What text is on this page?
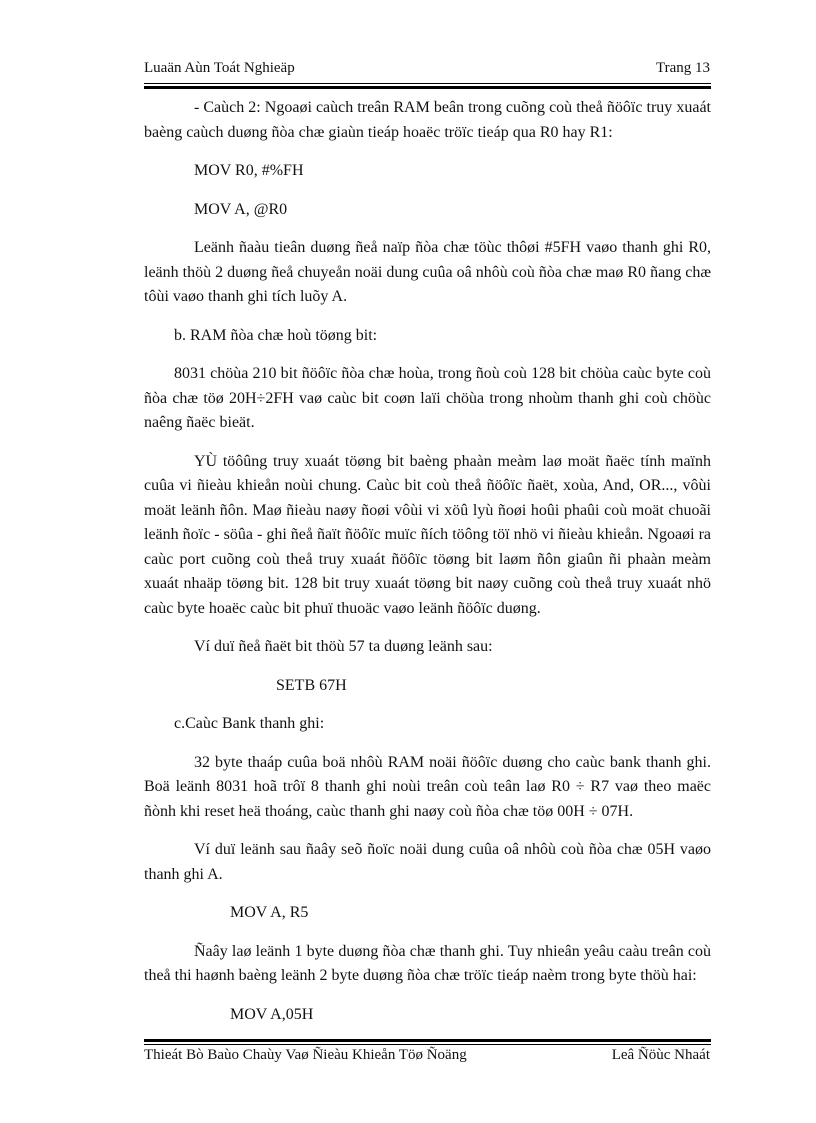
Luaän Aùn Toát Nghieäp	Trang 13

- Caùch 2: Ngoaøi caùch treân RAM beân trong cuõng coù theå ñöôïc truy xuaát baèng caùch duøng ñòa chæ giaùn tieáp hoaëc tröïc tieáp qua R0 hay R1:

MOV R0, #%FH

MOV A, @R0

Leänh ñaàu tieân duøng ñeå naïp ñòa chæ töùc thôøi #5FH vaøo thanh ghi R0, leänh thöù 2 duøng ñeå chuyeån noäi dung cuûa oâ nhôù coù ñòa chæ maø R0 ñang chæ tôùi vaøo thanh ghi tích luõy A.

b. RAM ñòa chæ hoù töøng bit:

8031 chöùa 210 bit ñöôïc ñòa chæ hoùa, trong ñoù coù 128 bit chöùa caùc byte coù ñòa chæ töø 20H÷2FH vaø caùc bit coøn laïi chöùa trong nhoùm thanh ghi coù chöùc naêng ñaëc bieät.

YÙ töôûng truy xuaát töøng bit baèng phaàn meàm laø moät ñaëc tính maïnh cuûa vi ñieàu khieån noùi chung. Caùc bit coù theå ñöôïc ñaët, xoùa, And, OR..., vôùi moät leänh ñôn. Maø ñieàu naøy ñoøi vôùi vi xöû lyù ñoøi hoûi phaûi coù moät chuoãi leänh ñoïc - söûa - ghi ñeå ñaït ñöôïc muïc ñích töông töï nhö vi ñieàu khieån. Ngoaøi ra caùc port cuõng coù theå truy xuaát ñöôïc töøng bit laøm ñôn giaûn ñi phaàn meàm xuaát nhaäp töøng bit. 128 bit truy xuaát töøng bit naøy cuõng coù theå truy xuaát nhö caùc byte hoaëc caùc bit phuï thuoäc vaøo leänh ñöôïc duøng.

Ví duï ñeå ñaët bit thöù 57 ta duøng leänh sau:

SETB 67H

c.Caùc Bank thanh ghi:

32 byte thaáp cuûa boä nhôù RAM noäi ñöôïc duøng cho caùc bank thanh ghi. Boä leänh 8031 hoã trôï 8 thanh ghi noùi treân coù teân laø R0 ÷ R7 vaø theo maëc ñònh khi reset heä thoáng, caùc thanh ghi naøy coù ñòa chæ töø 00H ÷ 07H.

Ví duï leänh sau ñaây seõ ñoïc noäi dung cuûa oâ nhôù coù ñòa chæ 05H vaøo thanh ghi A.

MOV A, R5

Ñaây laø leänh 1 byte duøng ñòa chæ thanh ghi. Tuy nhieân yeâu caàu treân coù theå thi haønh baèng leänh 2 byte duøng ñòa chæ tröïc tieáp naèm trong byte thöù hai:

MOV A,05H

Thieát Bò Baùo Chaùy Vaø Ñieàu Khieån Töø Ñoäng	Leâ Ñöùc Nhaát
